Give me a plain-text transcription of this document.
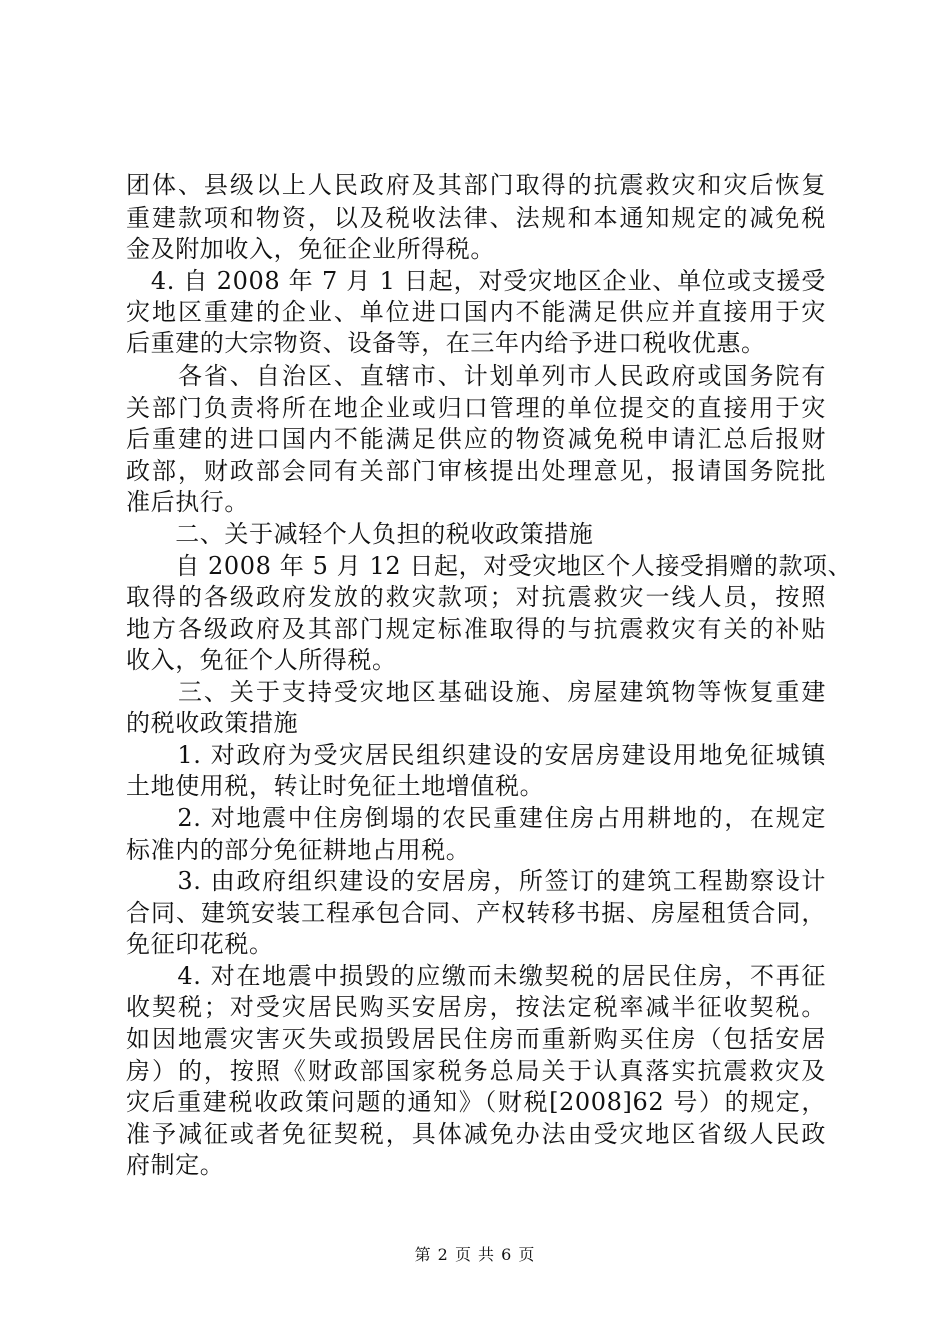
团体、县级以上人民政府及其部门取得的抗震救灾和灾后恢复
重建款项和物资，以及税收法律、法规和本通知规定的减免税
金及附加收入，免征企业所得税。
　4. 自 2008 年 7 月 1 日起，对受灾地区企业、单位或支援受
灾地区重建的企业、单位进口国内不能满足供应并直接用于灾
后重建的大宗物资、设备等，在三年内给予进口税收优惠。
　　各省、自治区、直辖市、计划单列市人民政府或国务院有
关部门负责将所在地企业或归口管理的单位提交的直接用于灾
后重建的进口国内不能满足供应的物资减免税申请汇总后报财
政部，财政部会同有关部门审核提出处理意见，报请国务院批
准后执行。
　　二、关于减轻个人负担的税收政策措施
　　自 2008 年 5 月 12 日起，对受灾地区个人接受捐赠的款项、
取得的各级政府发放的救灾款项；对抗震救灾一线人员，按照
地方各级政府及其部门规定标准取得的与抗震救灾有关的补贴
收入，免征个人所得税。
　　三、关于支持受灾地区基础设施、房屋建筑物等恢复重建
的税收政策措施
　　1. 对政府为受灾居民组织建设的安居房建设用地免征城镇
土地使用税，转让时免征土地增值税。
　　2. 对地震中住房倒塌的农民重建住房占用耕地的，在规定
标准内的部分免征耕地占用税。
　　3. 由政府组织建设的安居房，所签订的建筑工程勘察设计
合同、建筑安装工程承包合同、产权转移书据、房屋租赁合同，
免征印花税。
　　4. 对在地震中损毁的应缴而未缴契税的居民住房，不再征
收契税；对受灾居民购买安居房，按法定税率减半征收契税。
如因地震灾害灭失或损毁居民住房而重新购买住房（包括安居
房）的，按照《财政部国家税务总局关于认真落实抗震救灾及
灾后重建税收政策问题的通知》（财税[2008]62 号）的规定，
准予减征或者免征契税，具体减免办法由受灾地区省级人民政
府制定。
第 2 页 共 6 页
